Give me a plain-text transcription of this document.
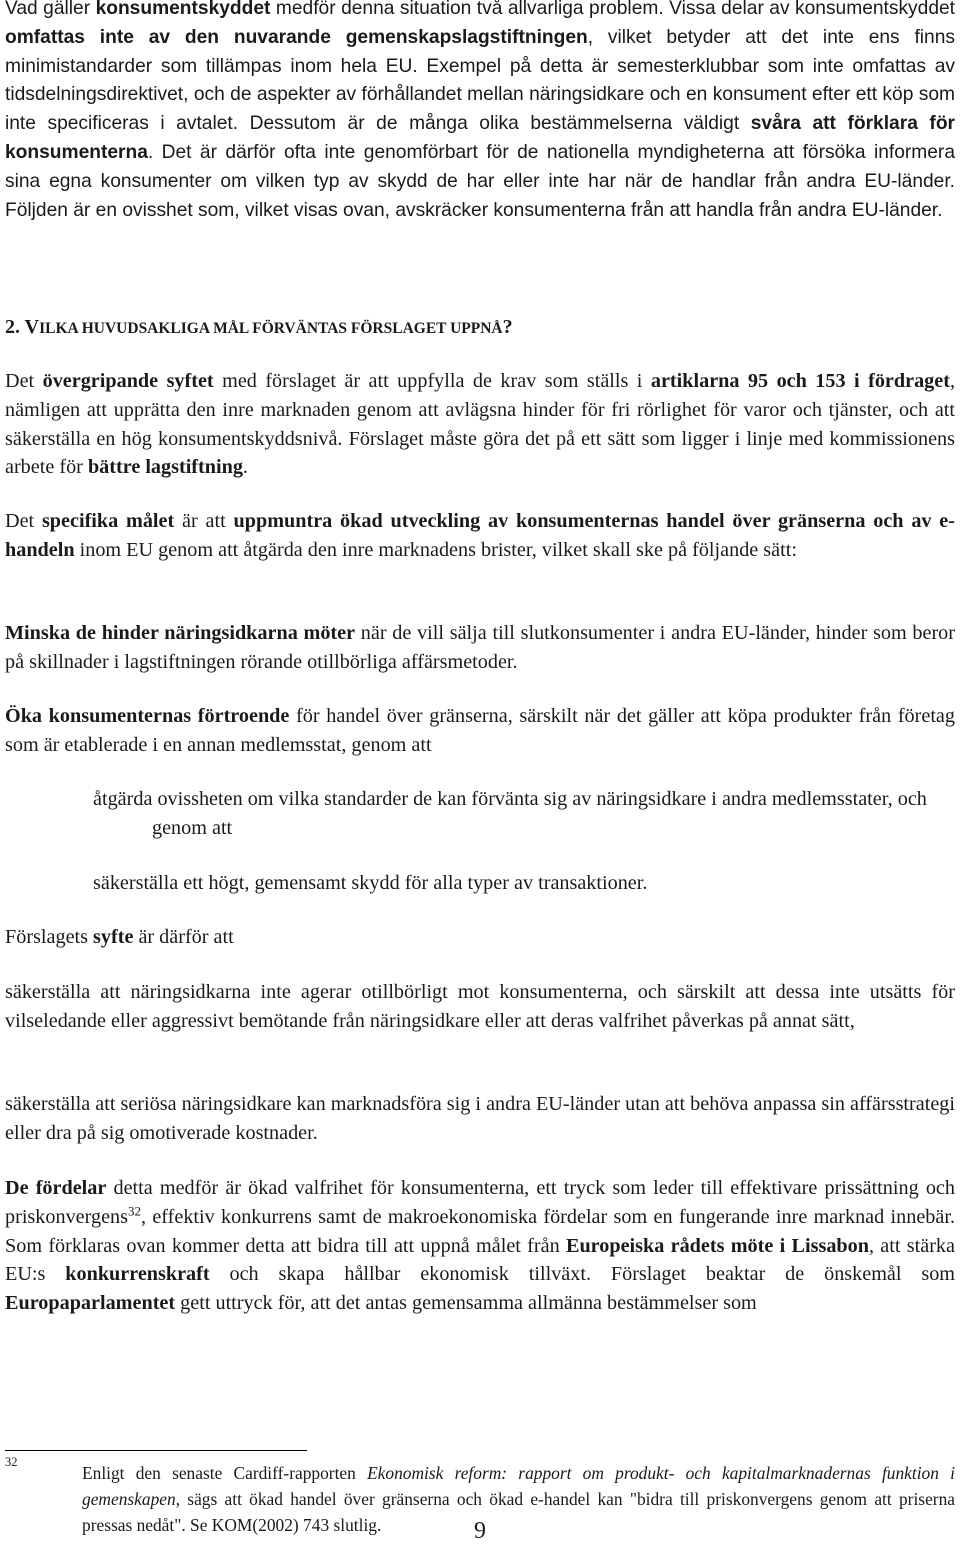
Vad gäller konsumentskyddet medför denna situation två allvarliga problem. Vissa delar av konsumentskyddet omfattas inte av den nuvarande gemenskapslagstiftningen, vilket betyder att det inte ens finns minimistandarder som tillämpas inom hela EU. Exempel på detta är semesterklubbar som inte omfattas av tidsdelningsdirektivet, och de aspekter av förhållandet mellan näringsidkare och en konsument efter ett köp som inte specificeras i avtalet. Dessutom är de många olika bestämmelserna väldigt svåra att förklara för konsumenterna. Det är därför ofta inte genomförbart för de nationella myndigheterna att försöka informera sina egna konsumenter om vilken typ av skydd de har eller inte har när de handlar från andra EU-länder. Följden är en ovisshet som, vilket visas ovan, avskräcker konsumenterna från att handla från andra EU-länder.

2. VILKA HUVUDSAKLIGA MÅL FÖRVÄNTAS FÖRSLAGET UPPNÅ?

Det övergripande syftet med förslaget är att uppfylla de krav som ställs i artiklarna 95 och 153 i fördraget, nämligen att upprätta den inre marknaden genom att avlägsna hinder för fri rörlighet för varor och tjänster, och att säkerställa en hög konsumentskyddsnivå. Förslaget måste göra det på ett sätt som ligger i linje med kommissionens arbete för bättre lagstiftning.

Det specifika målet är att uppmuntra ökad utveckling av konsumenternas handel över gränserna och av e-handeln inom EU genom att åtgärda den inre marknadens brister, vilket skall ske på följande sätt:

Minska de hinder näringsidkarna möter när de vill sälja till slutkonsumenter i andra EU-länder, hinder som beror på skillnader i lagstiftningen rörande otillbörliga affärsmetoder.

Öka konsumenternas förtroende för handel över gränserna, särskilt när det gäller att köpa produkter från företag som är etablerade i en annan medlemsstat, genom att

åtgärda ovissheten om vilka standarder de kan förvänta sig av näringsidkare i andra medlemsstater, och genom att

säkerställa ett högt, gemensamt skydd för alla typer av transaktioner.

Förslagets syfte är därför att

säkerställa att näringsidkarna inte agerar otillbörligt mot konsumenterna, och särskilt att dessa inte utsätts för vilseledande eller aggressivt bemötande från näringsidkare eller att deras valfrihet påverkas på annat sätt,

säkerställa att seriösa näringsidkare kan marknadsföra sig i andra EU-länder utan att behöva anpassa sin affärsstrategi eller dra på sig omotiverade kostnader.

De fördelar detta medför är ökad valfrihet för konsumenterna, ett tryck som leder till effektivare prissättning och priskonvergens$^{32}$, effektiv konkurrens samt de makroekonomiska fördelar som en fungerande inre marknad innebär. Som förklaras ovan kommer detta att bidra till att uppnå målet från Europeiska rådets möte i Lissabon, att stärka EU:s konkurrenskraft och skapa hållbar ekonomisk tillväxt. Förslaget beaktar de önskemål som Europaparlamentet gett uttryck för, att det antas gemensamma allmänna bestämmelser som

32
Enligt den senaste Cardiff-rapporten Ekonomisk reform: rapport om produkt- och kapitalmarknadernas funktion i gemenskapen, sägs att ökad handel över gränserna och ökad e-handel kan "bidra till priskonvergens genom att priserna pressas nedåt". Se KOM(2002) 743 slutlig.	9
